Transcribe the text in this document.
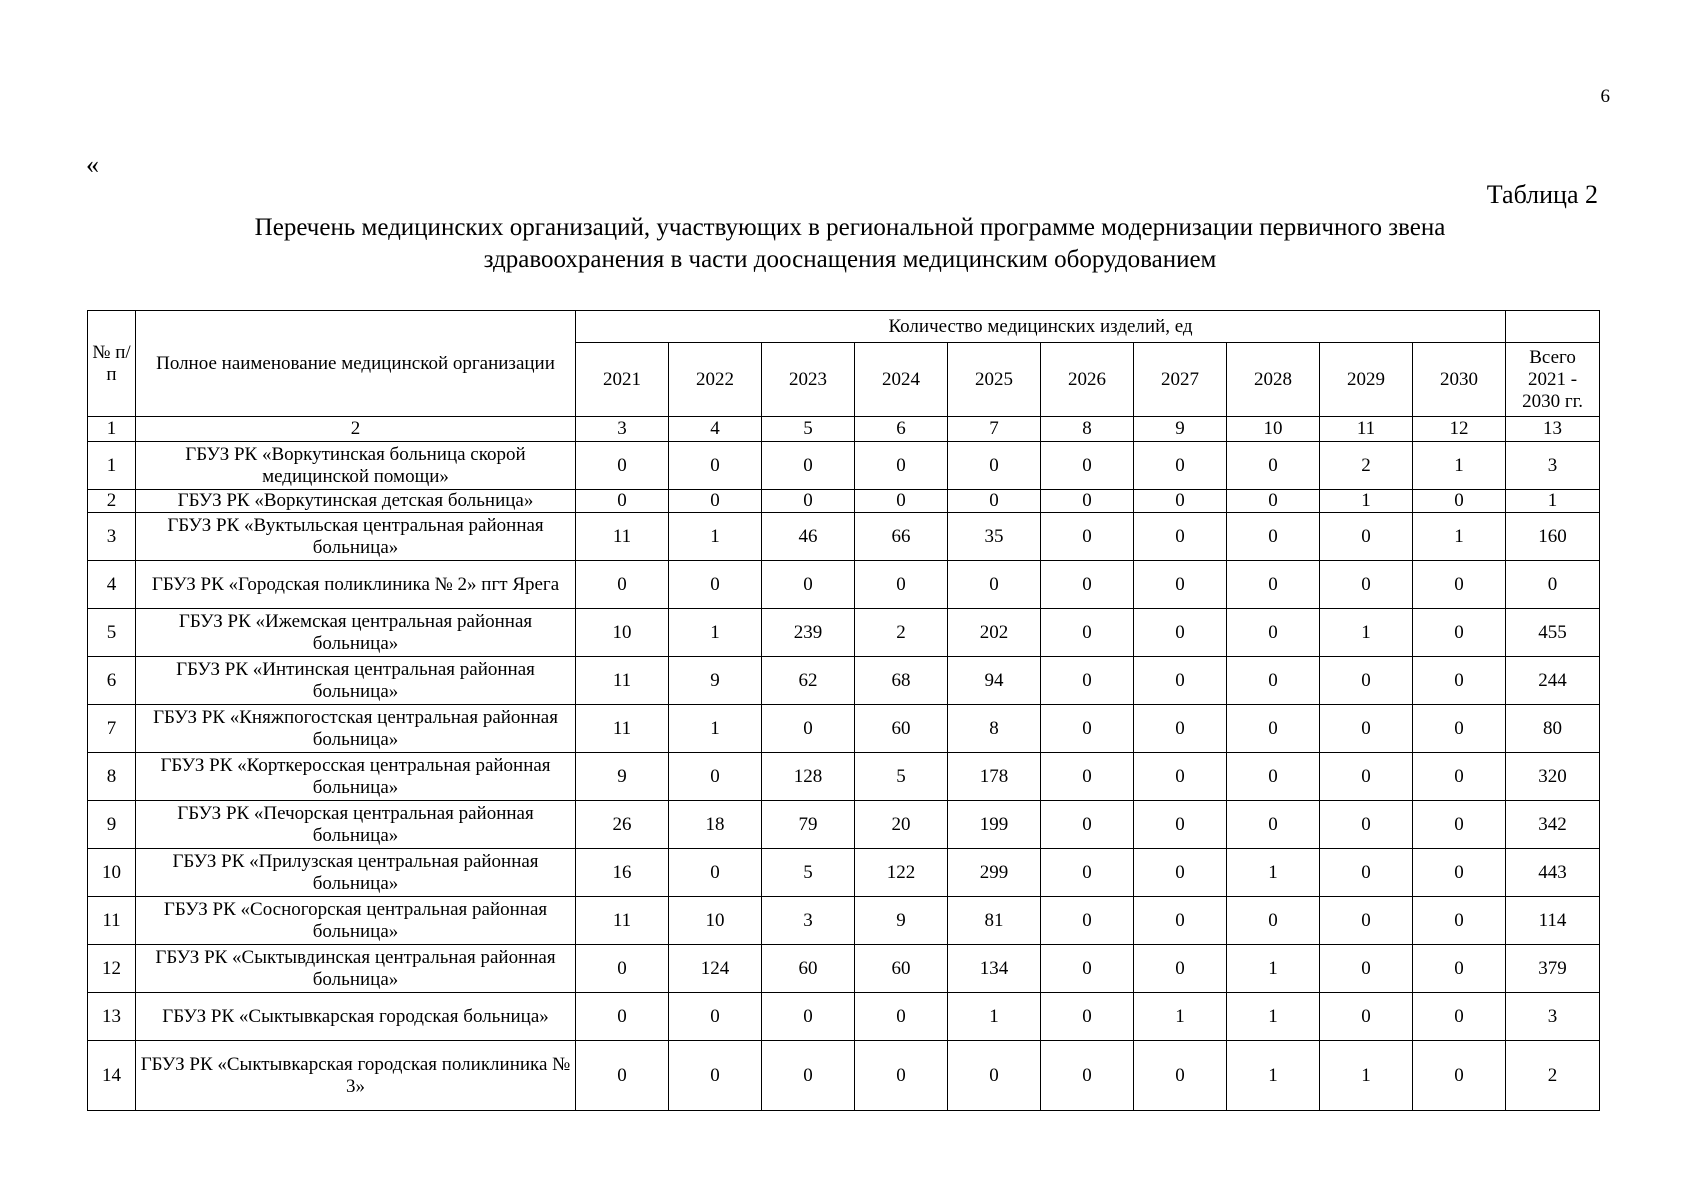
6
«
Таблица 2
Перечень медицинских организаций, участвующих в региональной программе модернизации первичного звена
здравоохранения в части дооснащения медицинским оборудованием
№ п/п	Полное наименование медицинской организации	Количество медицинских изделий, ед										
		2021	2022	2023	2024	2025	2026	2027	2028	2029	2030	Всего 2021 - 2030 гг.
1	2	3	4	5	6	7	8	9	10	11	12	13
1	ГБУЗ РК «Воркутинская больница скорой медицинской помощи»	0	0	0	0	0	0	0	0	2	1	3
2	ГБУЗ РК «Воркутинская детская больница»	0	0	0	0	0	0	0	0	1	0	1
3	ГБУЗ РК «Вуктыльская центральная районная больница»	11	1	46	66	35	0	0	0	0	1	160
4	ГБУЗ РК «Городская поликлиника № 2» пгт Ярега	0	0	0	0	0	0	0	0	0	0	0
5	ГБУЗ РК «Ижемская центральная районная больница»	10	1	239	2	202	0	0	0	1	0	455
6	ГБУЗ РК «Интинская центральная районная больница»	11	9	62	68	94	0	0	0	0	0	244
7	ГБУЗ РК «Княжпогостская центральная районная больница»	11	1	0	60	8	0	0	0	0	0	80
8	ГБУЗ РК «Корткеросская центральная районная больница»	9	0	128	5	178	0	0	0	0	0	320
9	ГБУЗ РК «Печорская центральная районная больница»	26	18	79	20	199	0	0	0	0	0	342
10	ГБУЗ РК «Прилузская центральная районная больница»	16	0	5	122	299	0	0	1	0	0	443
11	ГБУЗ РК «Сосногорская центральная районная больница»	11	10	3	9	81	0	0	0	0	0	114
12	ГБУЗ РК «Сыктывдинская центральная районная больница»	0	124	60	60	134	0	0	1	0	0	379
13	ГБУЗ РК «Сыктывкарская городская больница»	0	0	0	0	1	0	1	1	0	0	3
14	ГБУЗ РК «Сыктывкарская городская поликлиника № 3»	0	0	0	0	0	0	0	1	1	0	2
